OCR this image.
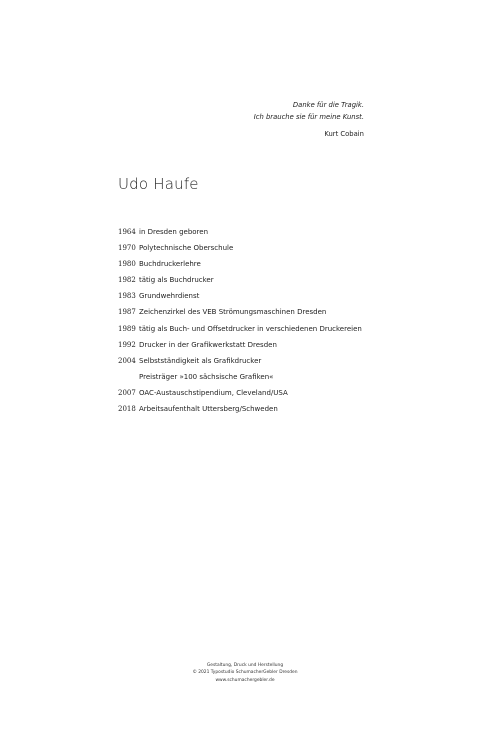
Danke für die Tragik.
Ich brauche sie für meine Kunst.
Kurt Cobain
Udo Haufe
1964 in Dresden geboren
1970 Polytechnische Oberschule
1980 Buchdruckerlehre
1982 tätig als Buchdrucker
1983 Grundwehrdienst
1987 Zeichenzirkel des VEB Strömungsmaschinen Dresden
1989 tätig als Buch- und Offsetdrucker in verschiedenen Druckereien
1992 Drucker in der Grafikwerkstatt Dresden
2004 Selbstständigkeit als Grafikdrucker
Preisträger »100 sächsische Grafiken«
2007 OAC-Austauschstipendium, Cleveland/USA
2018 Arbeitsaufenthalt Uttersberg/Schweden
Gestaltung, Druck und Herstellung
© 2021 Typostudio SchumacherGebler Dresden
www.schumachergebler.de
